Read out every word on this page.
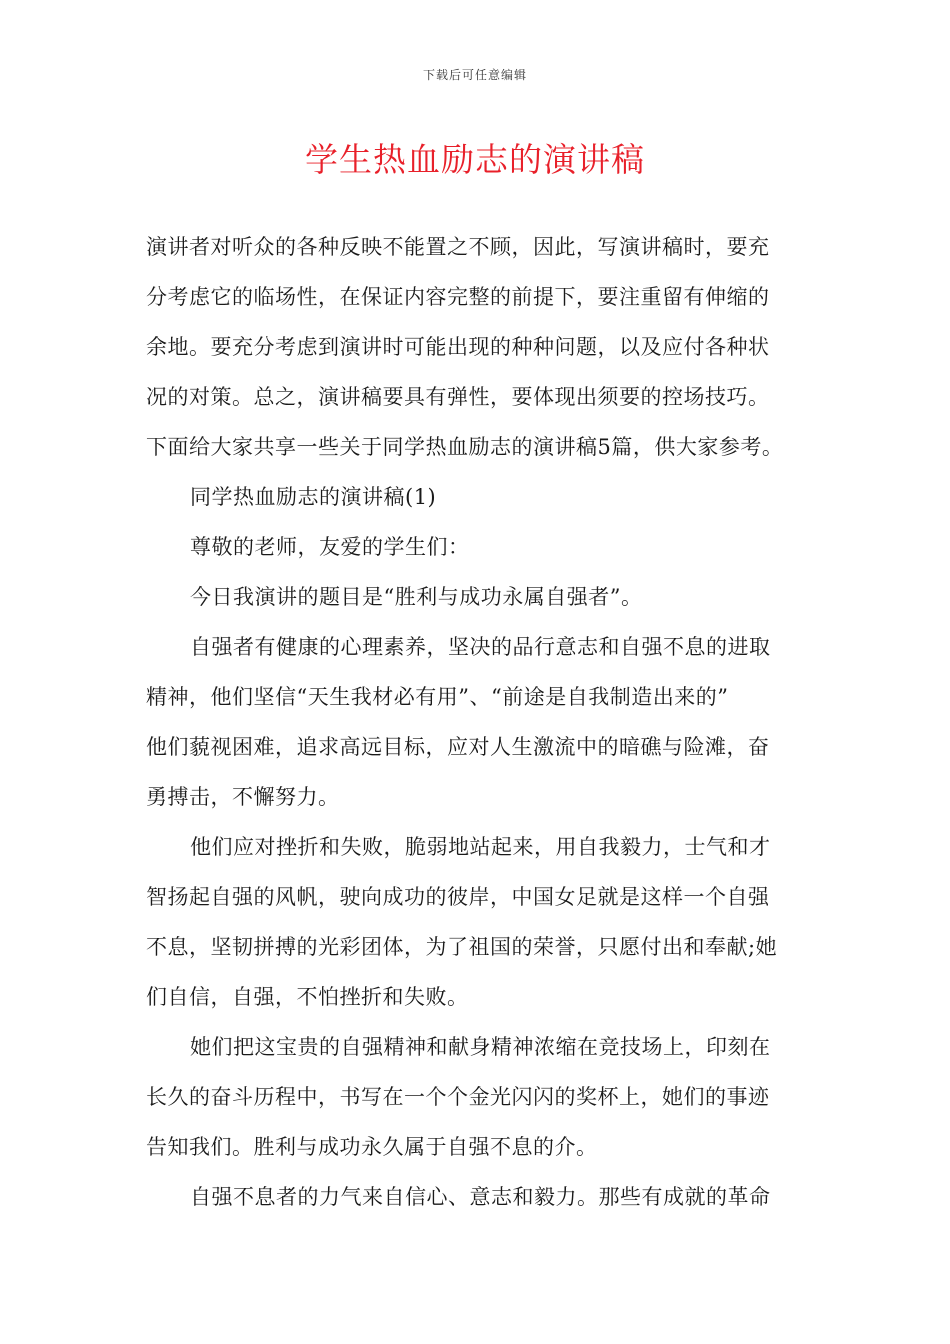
下载后可任意编辑
学生热血励志的演讲稿
演讲者对听众的各种反映不能置之不顾，因此，写演讲稿时，要充
分考虑它的临场性，在保证内容完整的前提下，要注重留有伸缩的
余地。要充分考虑到演讲时可能出现的种种问题，以及应付各种状
况的对策。总之，演讲稿要具有弹性，要体现出须要的控场技巧。
下面给大家共享一些关于同学热血励志的演讲稿5篇，供大家参考。
同学热血励志的演讲稿(1)
尊敬的老师，友爱的学生们：
今日我演讲的题目是“胜利与成功永属自强者”。
自强者有健康的心理素养，坚决的品行意志和自强不息的进取
精神，他们坚信“天生我材必有用”、“前途是自我制造出来的”
他们藐视困难，追求高远目标，应对人生激流中的暗礁与险滩，奋
勇搏击，不懈努力。
他们应对挫折和失败，脆弱地站起来，用自我毅力，士气和才
智扬起自强的风帆，驶向成功的彼岸，中国女足就是这样一个自强
不息，坚韧拼搏的光彩团体，为了祖国的荣誉，只愿付出和奉献;她
们自信，自强，不怕挫折和失败。
她们把这宝贵的自强精神和献身精神浓缩在竞技场上，印刻在
长久的奋斗历程中，书写在一个个金光闪闪的奖杯上，她们的事迹
告知我们。胜利与成功永久属于自强不息的介。
自强不息者的力气来自信心、意志和毅力。那些有成就的革命
